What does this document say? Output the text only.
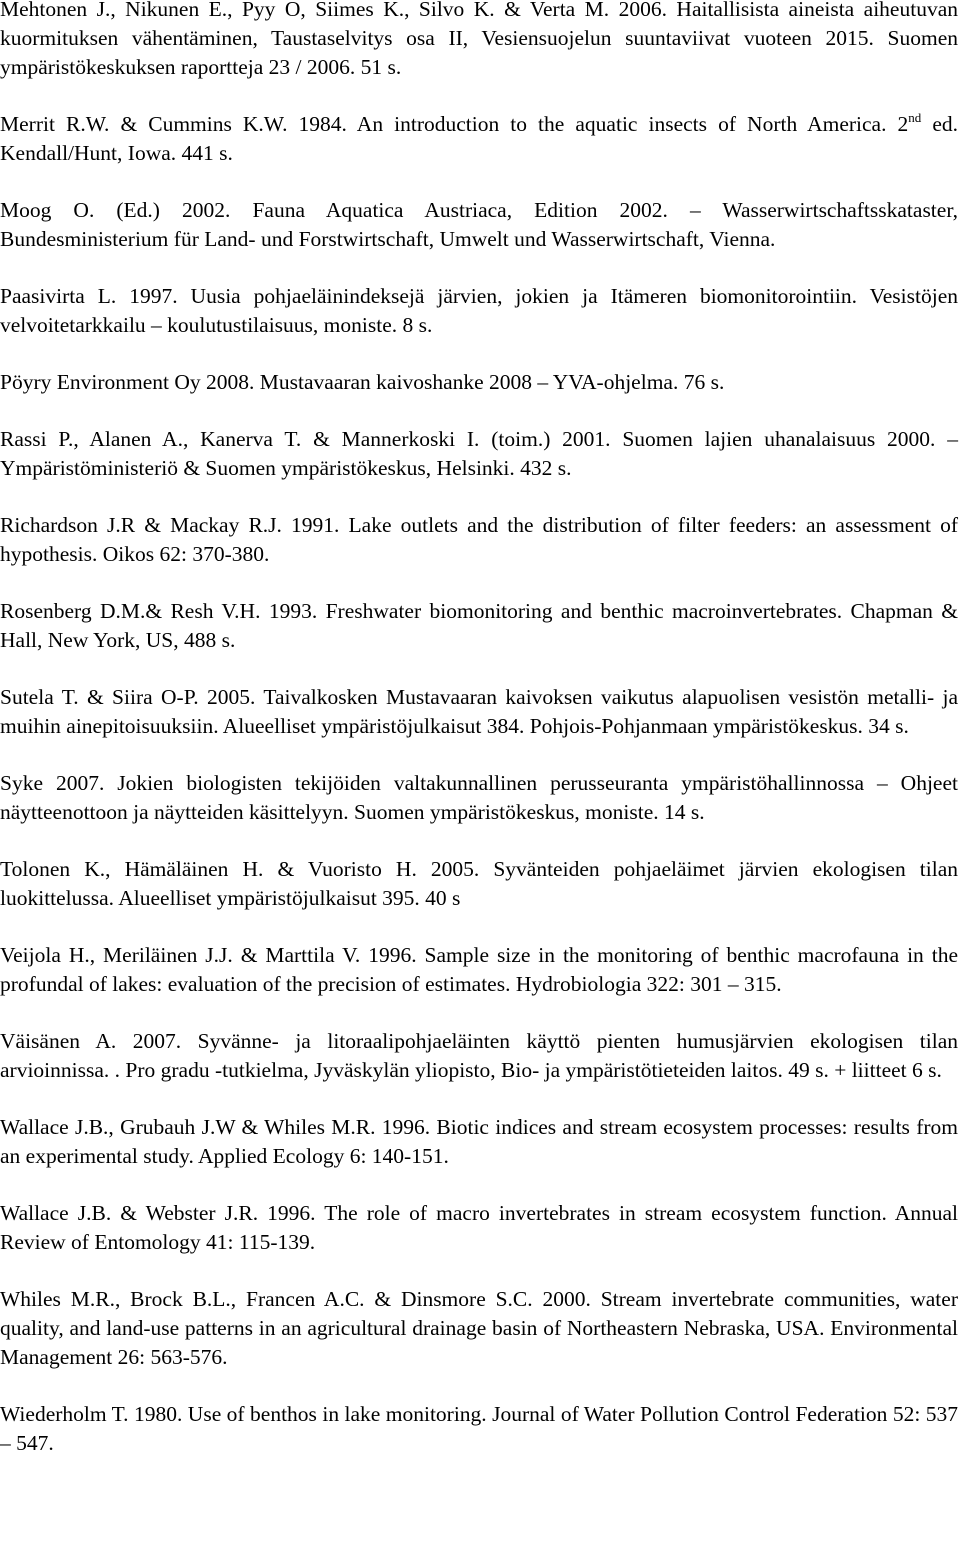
Mehtonen J., Nikunen E., Pyy O, Siimes K., Silvo K. & Verta M. 2006. Haitallisista aineista aiheutuvan kuormituksen vähentäminen, Taustaselvitys osa II, Vesiensuojelun suuntaviivat vuoteen 2015. Suomen ympäristökeskuksen raportteja 23 / 2006. 51 s.

Merrit R.W. & Cummins K.W. 1984. An introduction to the aquatic insects of North America. 2nd ed. Kendall/Hunt, Iowa. 441 s.

Moog O. (Ed.) 2002. Fauna Aquatica Austriaca, Edition 2002. – Wasserwirtschaftsskataster, Bundesministerium für Land- und Forstwirtschaft, Umwelt und Wasserwirtschaft, Vienna.

Paasivirta L. 1997. Uusia pohjaeläinindeksejä järvien, jokien ja Itämeren biomonitorointiin. Vesistöjen velvoitetarkkailu – koulutustilaisuus, moniste. 8 s.

Pöyry Environment Oy 2008. Mustavaaran kaivoshanke 2008 – YVA-ohjelma. 76 s.

Rassi P., Alanen A., Kanerva T. & Mannerkoski I. (toim.) 2001. Suomen lajien uhanalaisuus 2000. – Ympäristöministeriö & Suomen ympäristökeskus, Helsinki. 432 s.

Richardson J.R & Mackay R.J. 1991. Lake outlets and the distribution of filter feeders: an assessment of hypothesis. Oikos 62: 370-380.

Rosenberg D.M.& Resh V.H. 1993. Freshwater biomonitoring and benthic macroinvertebrates. Chapman & Hall, New York, US, 488 s.

Sutela T. & Siira O-P. 2005. Taivalkosken Mustavaaran kaivoksen vaikutus alapuolisen vesistön metalli- ja muihin ainepitoisuuksiin. Alueelliset ympäristöjulkaisut 384. Pohjois-Pohjanmaan ympäristökeskus. 34 s.

Syke 2007. Jokien biologisten tekijöiden valtakunnallinen perusseuranta ympäristöhallinnossa – Ohjeet näytteenottoon ja näytteiden käsittelyyn. Suomen ympäristökeskus, moniste. 14 s.

Tolonen K., Hämäläinen H. & Vuoristo H. 2005. Syvänteiden pohjaeläimet järvien ekologisen tilan luokittelussa. Alueelliset ympäristöjulkaisut 395. 40 s

Veijola H., Meriläinen J.J. & Marttila V. 1996. Sample size in the monitoring of benthic macrofauna in the profundal of lakes: evaluation of the precision of estimates. Hydrobiologia 322: 301 – 315.

Väisänen A. 2007. Syvänne- ja litoraalipohjaeläinten käyttö pienten humusjärvien ekologisen tilan arvioinnissa. . Pro gradu -tutkielma, Jyväskylän yliopisto, Bio- ja ympäristötieteiden laitos. 49 s. + liitteet 6 s.

Wallace J.B., Grubauh J.W & Whiles M.R. 1996. Biotic indices and stream ecosystem processes: results from an experimental study. Applied Ecology 6: 140-151.

Wallace J.B. & Webster J.R. 1996. The role of macro invertebrates in stream ecosystem function. Annual Review of Entomology 41: 115-139.

Whiles M.R., Brock B.L., Francen A.C. & Dinsmore S.C. 2000. Stream invertebrate communities, water quality, and land-use patterns in an agricultural drainage basin of Northeastern Nebraska, USA. Environmental Management 26: 563-576.

Wiederholm T. 1980. Use of benthos in lake monitoring. Journal of Water Pollution Control Federation 52: 537 – 547.
